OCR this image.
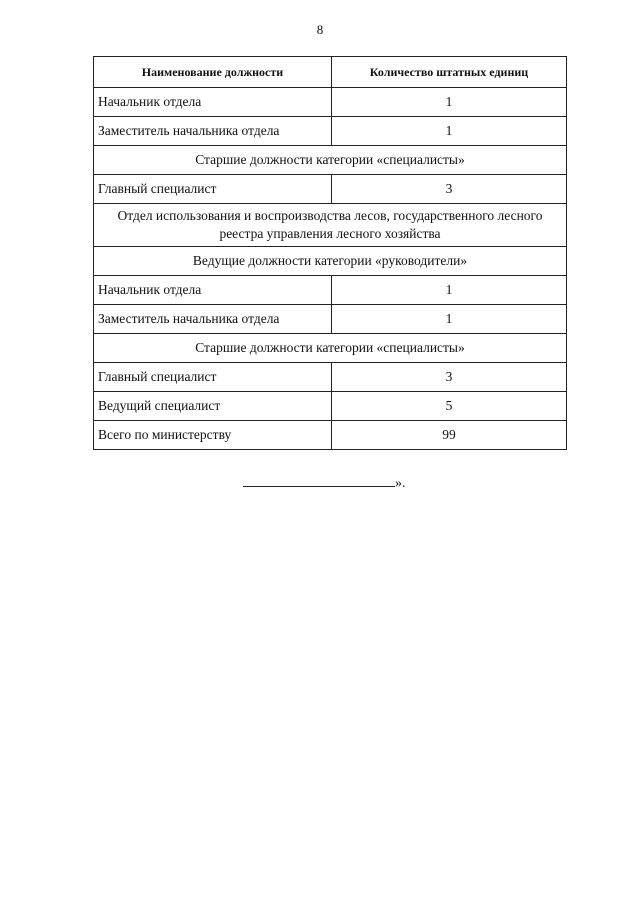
8
Наименование должности	Количество штатных единиц
Начальник отдела	1
Заместитель начальника отдела	1
Старшие должности категории «специалисты»	
Главный специалист	3
Отдел использования и воспроизводства лесов, государственного лесного реестра управления лесного хозяйства	
Ведущие должности категории «руководители»	
Начальник отдела	1
Заместитель начальника отдела	1
Старшие должности категории «специалисты»	
Главный специалист	3
Ведущий специалист	5
Всего по министерству	99
».
